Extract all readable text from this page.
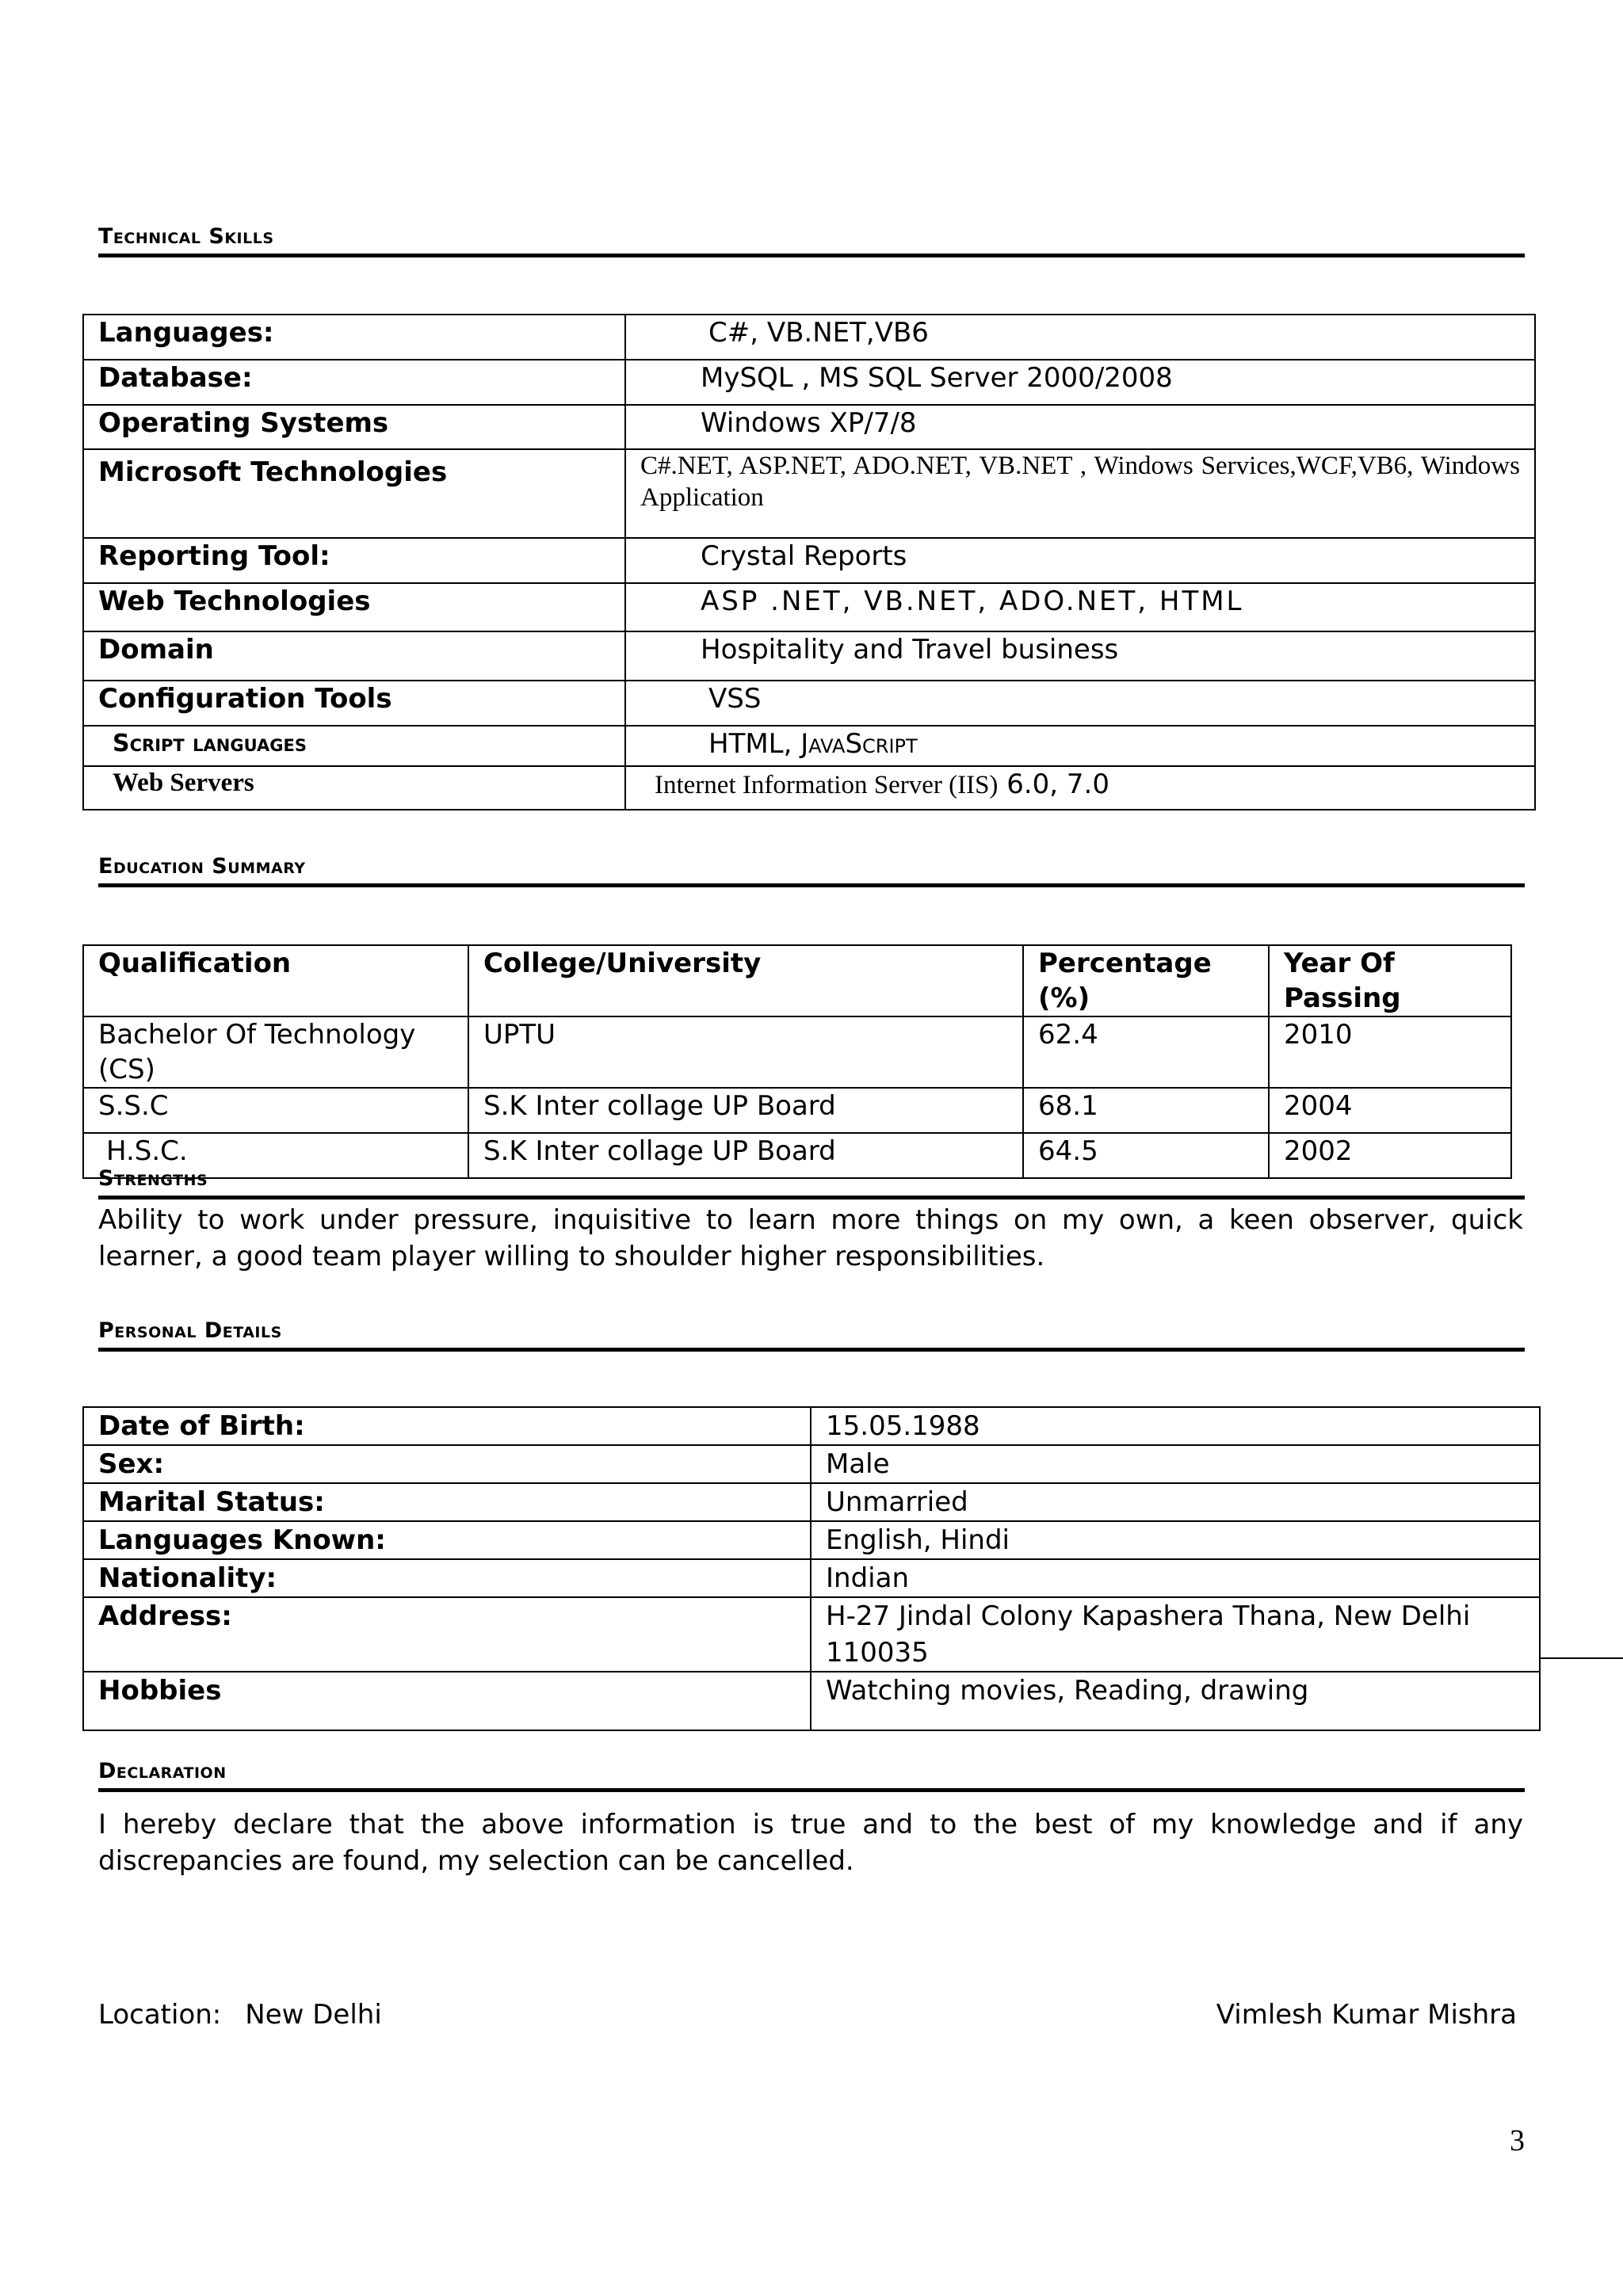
Technical Skills
Languages:	C#, VB.NET,VB6
Database:	MySQL , MS SQL Server 2000/2008
Operating Systems	Windows XP/7/8
Microsoft Technologies	C#.NET, ASP.NET, ADO.NET, VB.NET , Windows Services,WCF,VB6, Windows Application
Reporting Tool:	Crystal Reports
Web Technologies	ASP .NET, VB.NET, ADO.NET, HTML
Domain	Hospitality and Travel business
Configuration Tools	VSS
Script languages	HTML, JavaScript
Web Servers	Internet Information Server (IIS) 6.0, 7.0
Education Summary
Qualification	College/University	Percentage (%)	Year Of Passing
Bachelor Of Technology (CS)	UPTU	62.4	2010
S.S.C	S.K Inter collage UP Board	68.1	2004
H.S.C.	S.K Inter collage UP Board	64.5	2002
Strengths
Ability to work under pressure, inquisitive to learn more things on my own, a keen observer, quick learner, a good team player willing to shoulder higher responsibilities.
Personal Details
Date of Birth:	15.05.1988
Sex:	Male
Marital Status:	Unmarried
Languages Known:	English, Hindi
Nationality:	Indian
Address:	H-27 Jindal Colony Kapashera Thana, New Delhi 110035
Hobbies	Watching movies, Reading, drawing
Declaration
I hereby declare that the above information is true and to the best of my knowledge and if any discrepancies are found, my selection can be cancelled.
Location: New Delhi	Vimlesh Kumar Mishra
3
